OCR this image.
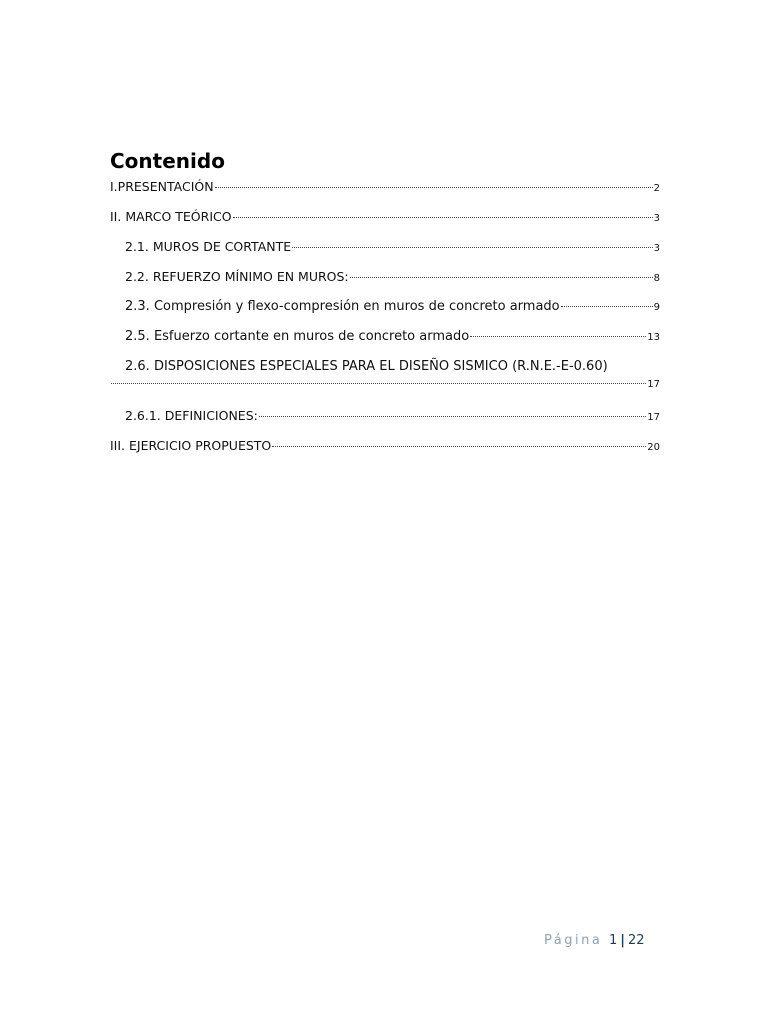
Contenido
I.PRESENTACIÓN	2
II. MARCO TEÓRICO	3
2.1. MUROS DE CORTANTE	3
2.2. REFUERZO MÍNIMO EN MUROS:	8
2.3. Compresión y flexo-compresión en muros de concreto armado	9
2.5. Esfuerzo cortante en muros de concreto armado	13
2.6. DISPOSICIONES ESPECIALES PARA EL DISEÑO SISMICO (R.N.E.-E-0.60)
17
2.6.1. DEFINICIONES:	17
III. EJERCICIO PROPUESTO	20
Página 1 | 22
